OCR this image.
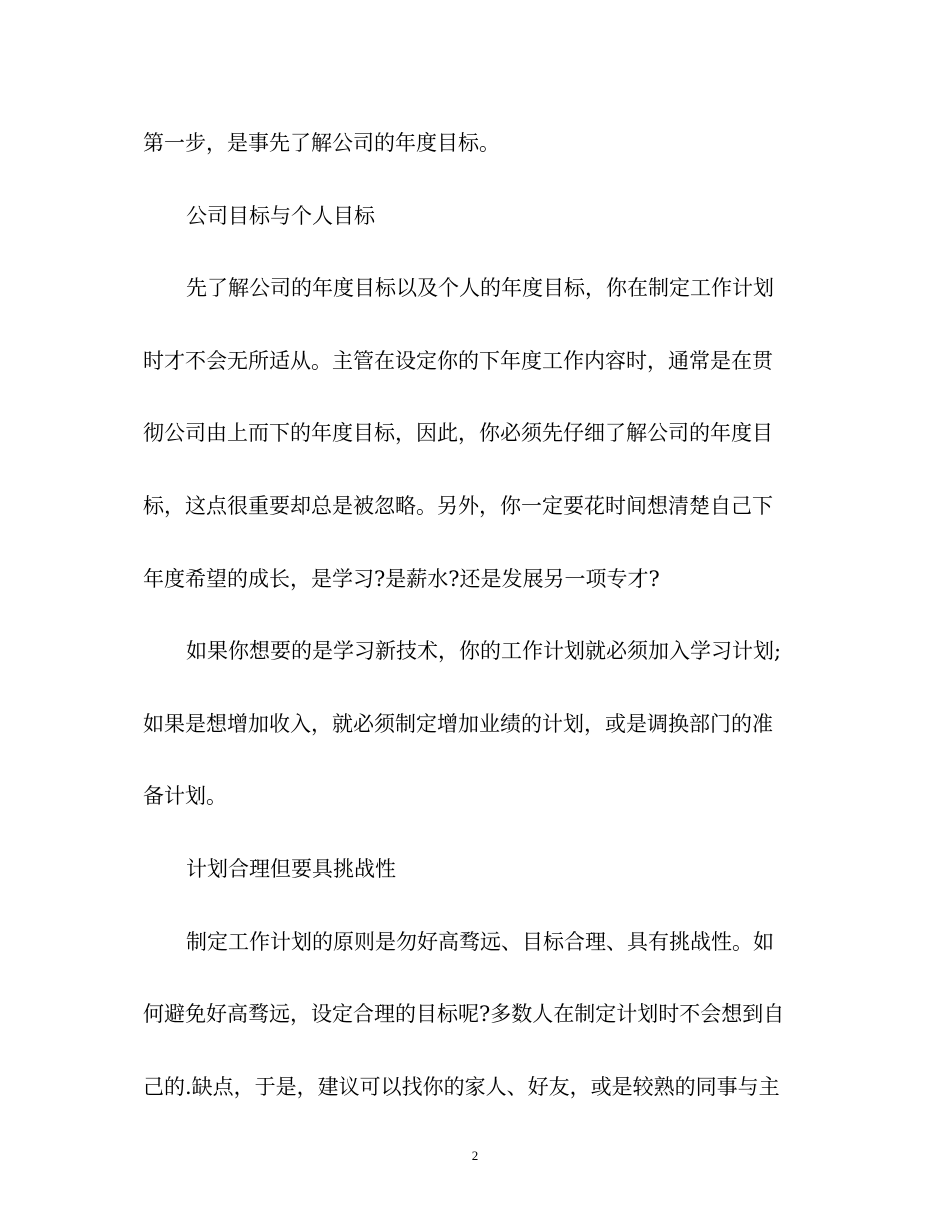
第一步，是事先了解公司的年度目标。
公司目标与个人目标
先了解公司的年度目标以及个人的年度目标，你在制定工作计划
时才不会无所适从。主管在设定你的下年度工作内容时，通常是在贯
彻公司由上而下的年度目标，因此，你必须先仔细了解公司的年度目
标，这点很重要却总是被忽略。另外，你一定要花时间想清楚自己下
年度希望的成长，是学习?是薪水?还是发展另一项专才?
如果你想要的是学习新技术，你的工作计划就必须加入学习计划;
如果是想增加收入，就必须制定增加业绩的计划，或是调换部门的准
备计划。
计划合理但要具挑战性
制定工作计划的原则是勿好高骛远、目标合理、具有挑战性。如
何避免好高骛远，设定合理的目标呢?多数人在制定计划时不会想到自
己的.缺点，于是，建议可以找你的家人、好友，或是较熟的同事与主
2
